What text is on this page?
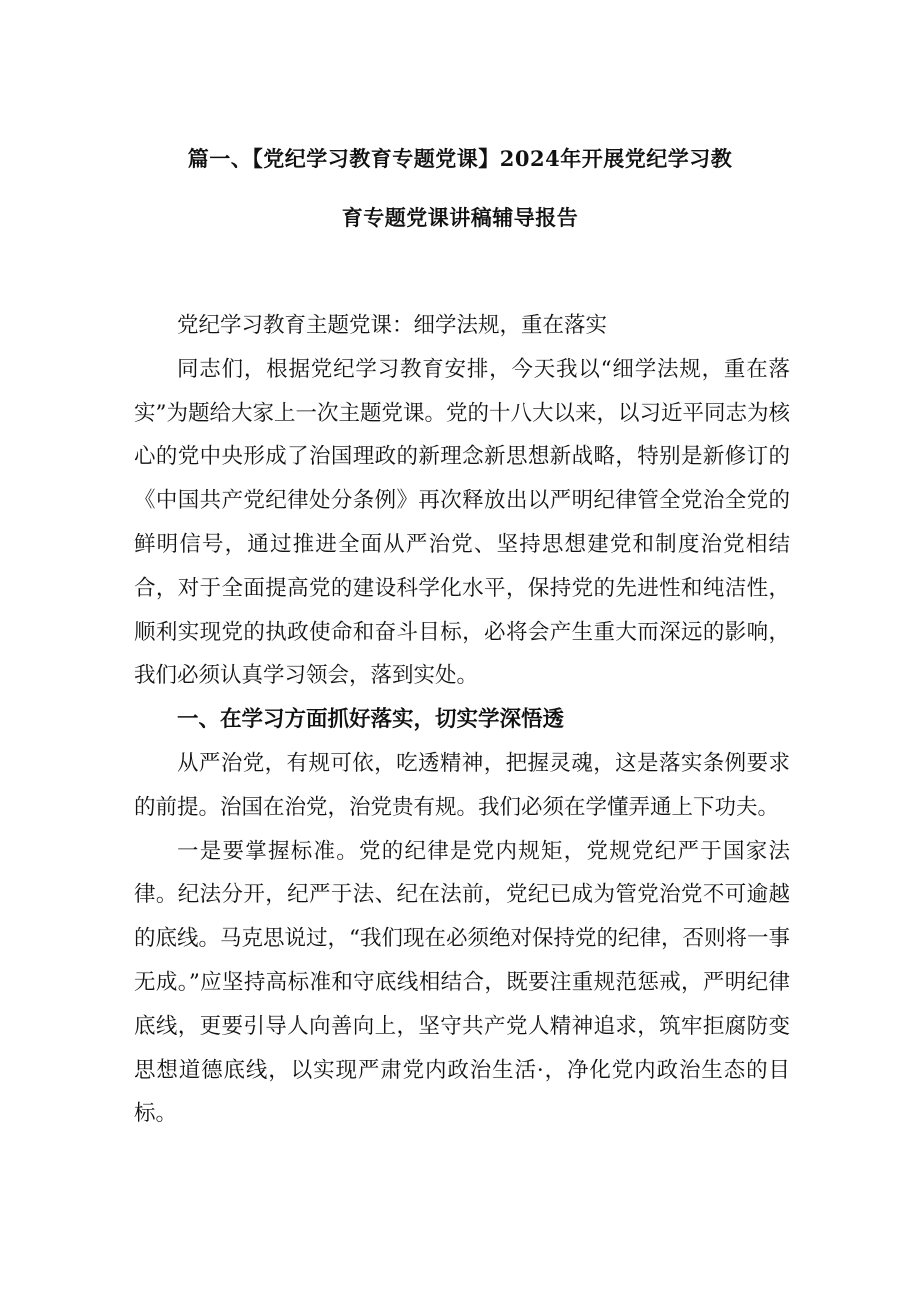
篇一、【党纪学习教育专题党课】2024年开展党纪学习教
育专题党课讲稿辅导报告

党纪学习教育主题党课：细学法规，重在落实

同志们，根据党纪学习教育安排，今天我以“细学法规，重在落实”为题给大家上一次主题党课。党的十八大以来，以习近平同志为核心的党中央形成了治国理政的新理念新思想新战略，特别是新修订的《中国共产党纪律处分条例》再次释放出以严明纪律管全党治全党的鲜明信号，通过推进全面从严治党、坚持思想建党和制度治党相结合，对于全面提高党的建设科学化水平，保持党的先进性和纯洁性，顺利实现党的执政使命和奋斗目标，必将会产生重大而深远的影响，我们必须认真学习领会，落到实处。

一、在学习方面抓好落实，切实学深悟透

从严治党，有规可依，吃透精神，把握灵魂，这是落实条例要求的前提。治国在治党，治党贵有规。我们必须在学懂弄通上下功夫。

一是要掌握标准。党的纪律是党内规矩，党规党纪严于国家法律。纪法分开，纪严于法、纪在法前，党纪已成为管党治党不可逾越的底线。马克思说过，“我们现在必须绝对保持党的纪律，否则将一事无成。”应坚持高标准和守底线相结合，既要注重规范惩戒，严明纪律底线，更要引导人向善向上，坚守共产党人精神追求，筑牢拒腐防变思想道德底线，以实现严肃党内政治生活·，净化党内政治生态的目标。
